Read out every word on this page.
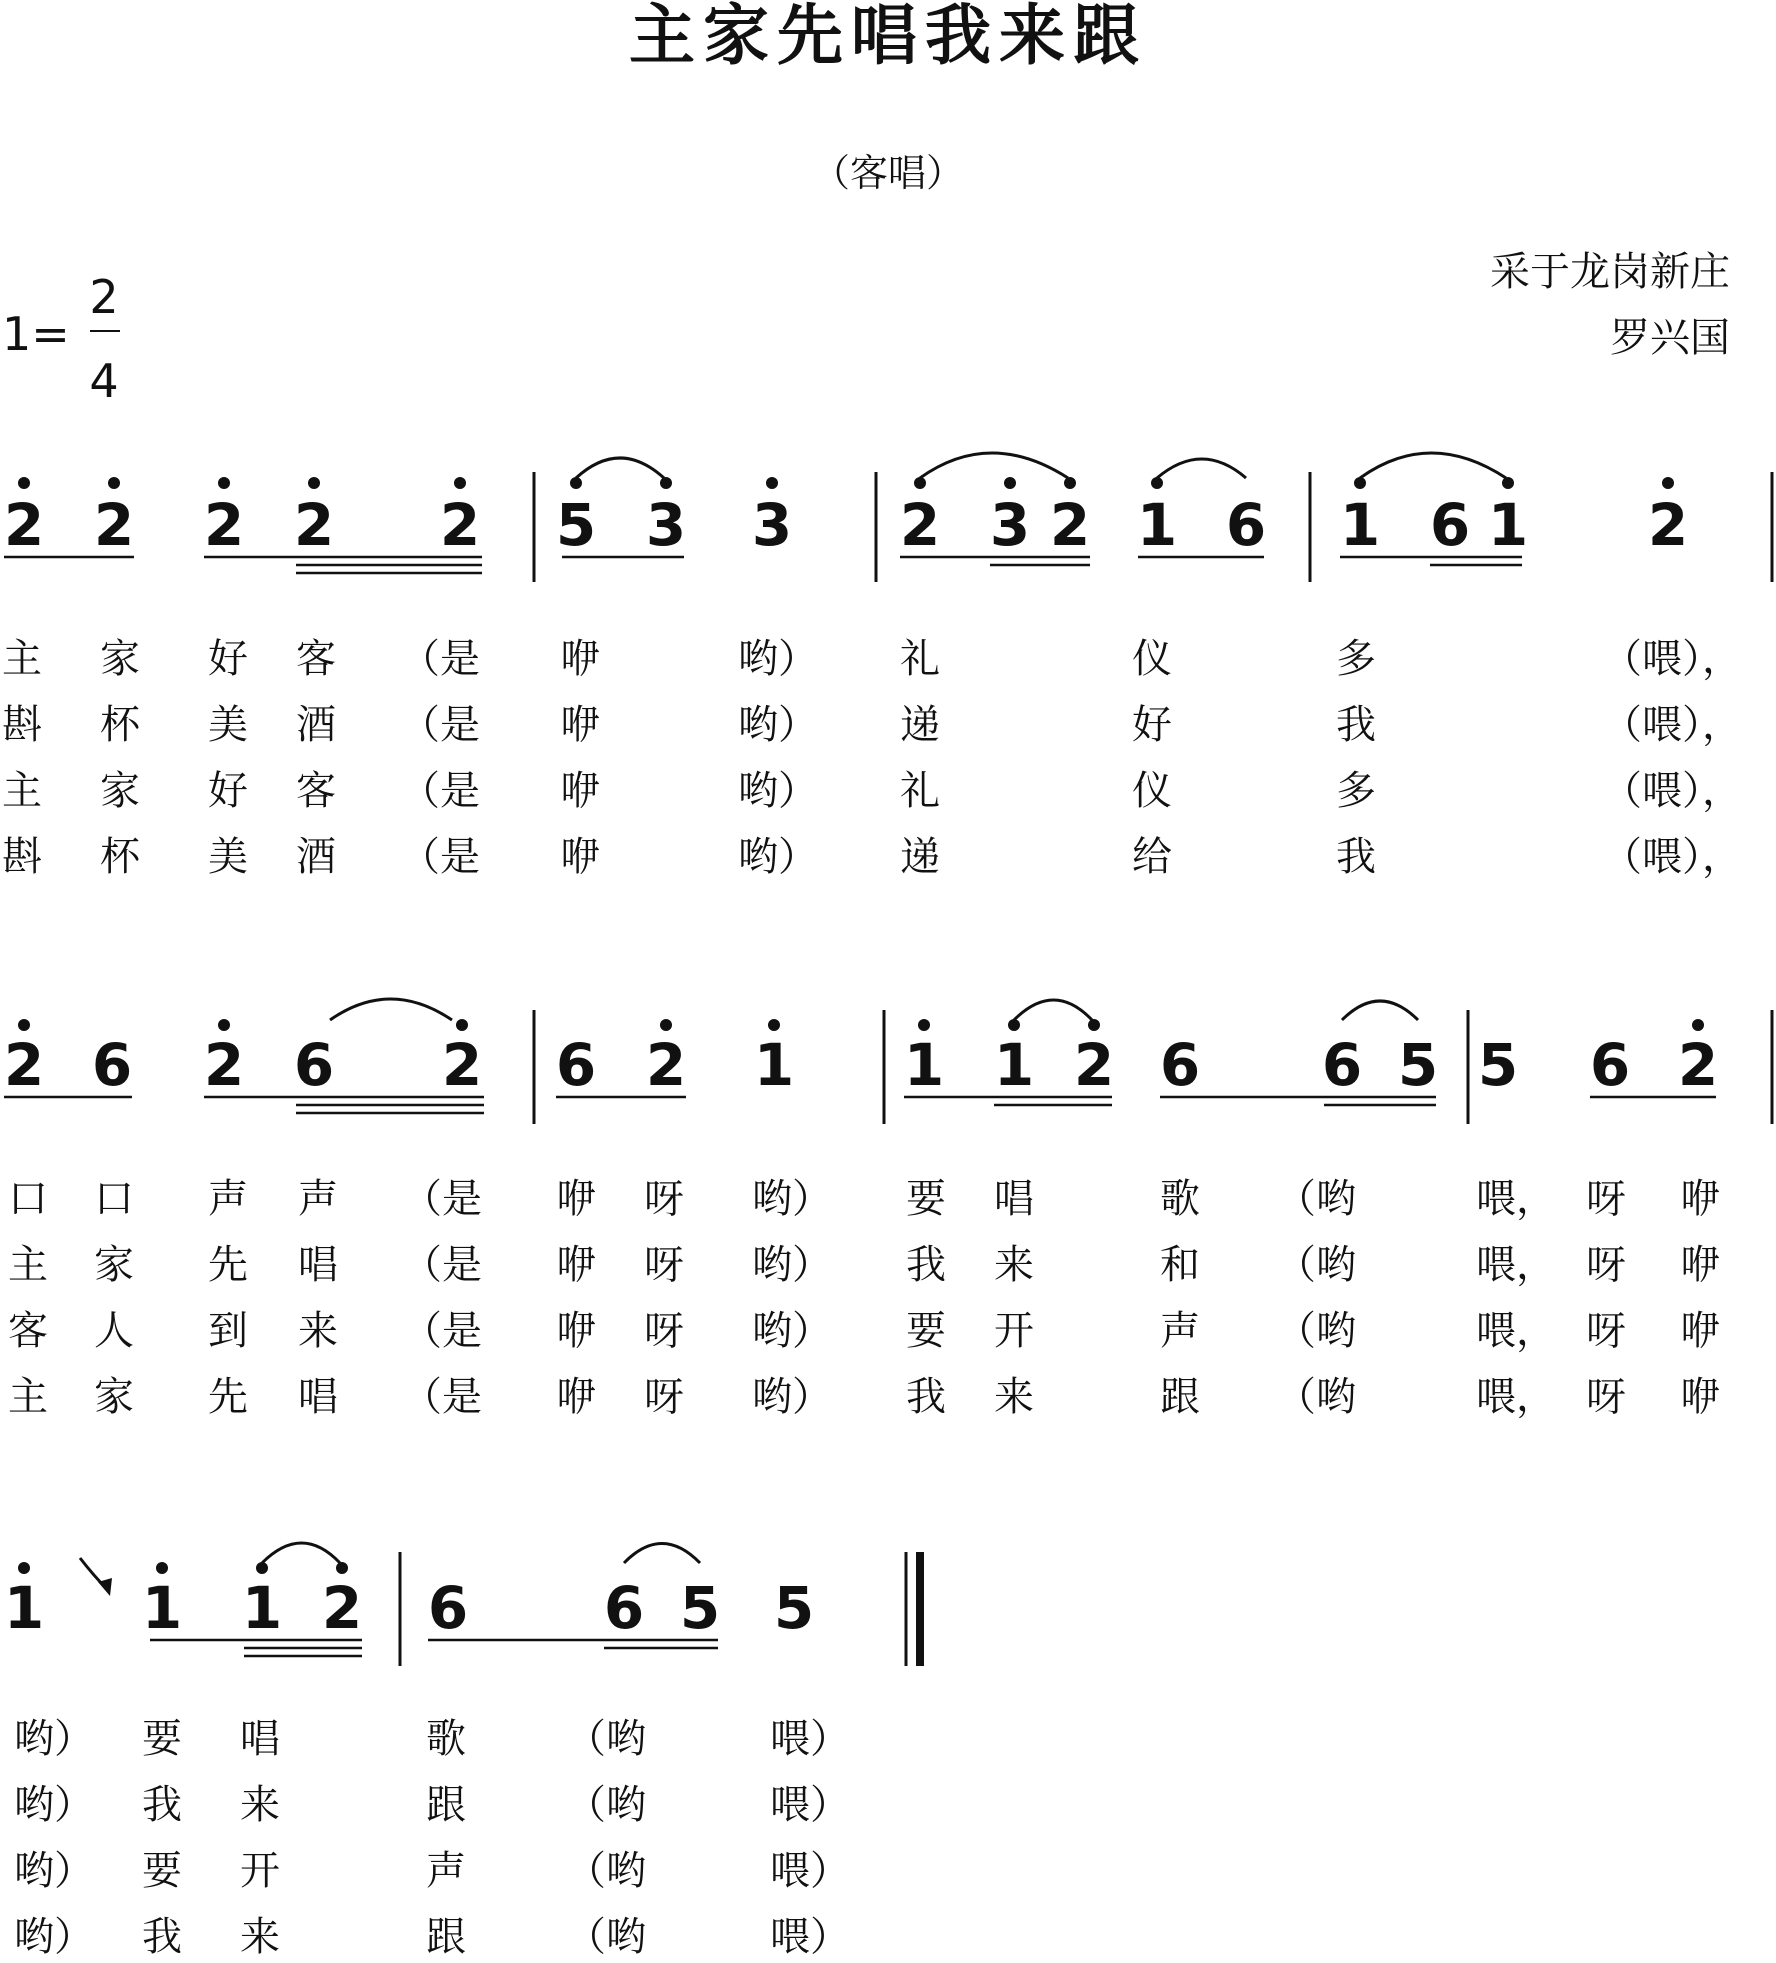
主家先唱我来跟
（客唱）
采于龙岗新庄
罗兴国
1=
2
4
2 2 2 2 2 5 3 3 2 3 2 1 6 1 6 1 2
主 家 好 客 （是 咿	哟） 礼	仪	多	（喂），
斟 杯 美 酒 （是 咿	哟） 递	好	我	（喂），
主 家 好 客 （是 咿	哟） 礼	仪	多	（喂），
斟 杯 美 酒 （是 咿	哟） 递	给	我	（喂），
2 6 2 6 2 6 2 1 1 1 2 6 6 5 5 6 2
口 口 声 声 （是 咿 呀 哟） 要 唱	歌 （哟	喂， 呀 咿
主 家 先 唱 （是 咿 呀 哟） 我 来	和 （哟	喂， 呀 咿
客 人 到 来 （是 咿 呀 哟） 要 开	声 （哟	喂， 呀 咿
主 家 先 唱 （是 咿 呀 哟） 我 来	跟 （哟	喂， 呀 咿
1 1 1 2 6 6 5 5
哟） 要 唱	歌	（哟	喂）
哟） 我 来	跟	（哟	喂）
哟） 要 开	声	（哟	喂）
哟） 我 来	跟	（哟	喂）
